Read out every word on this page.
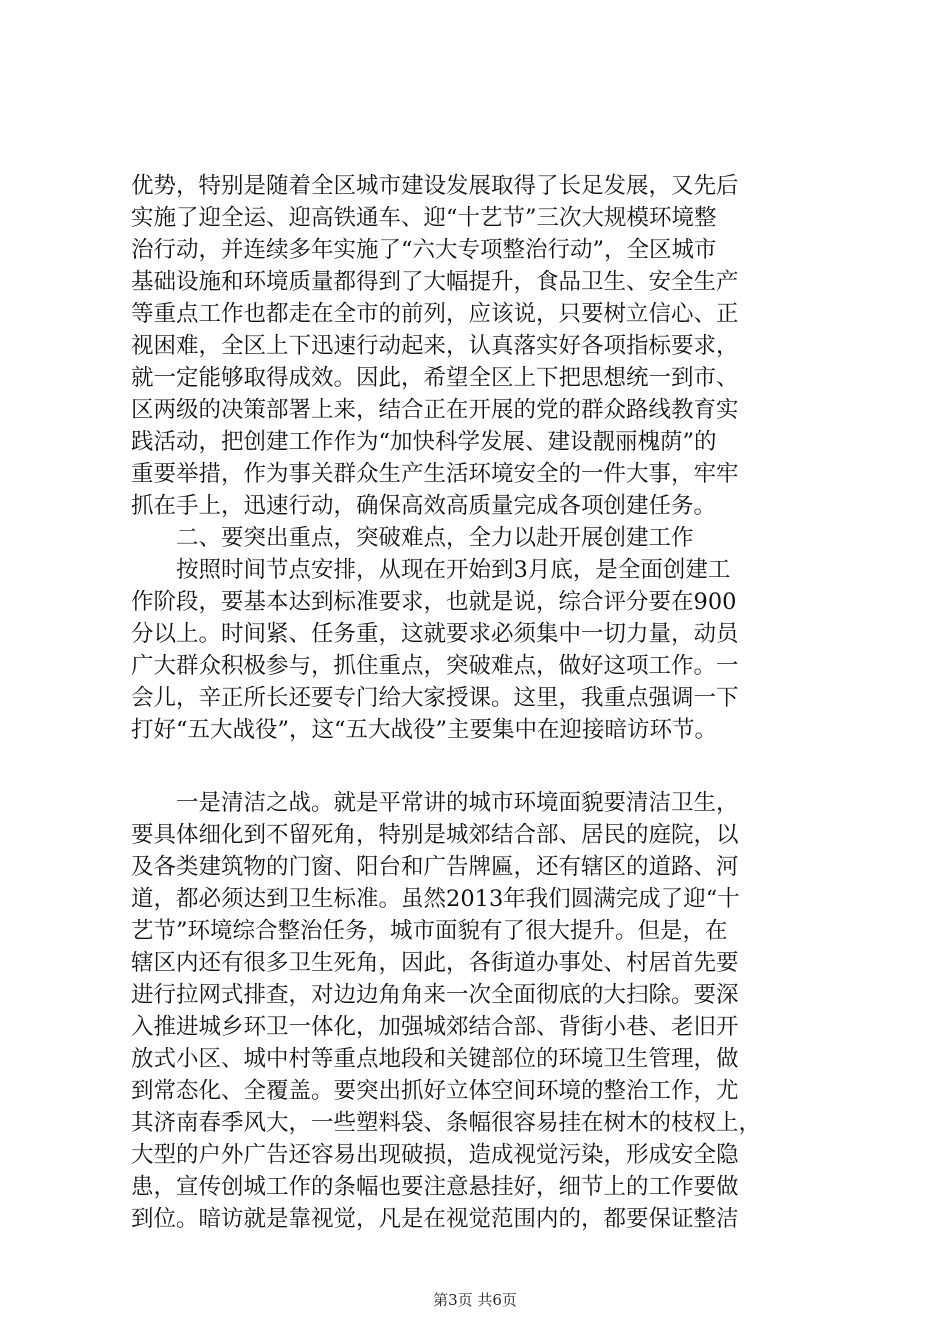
优势，特别是随着全区城市建设发展取得了长足发展，又先后
实施了迎全运、迎高铁通车、迎“十艺节”三次大规模环境整
治行动，并连续多年实施了“六大专项整治行动”，全区城市
基础设施和环境质量都得到了大幅提升，食品卫生、安全生产
等重点工作也都走在全市的前列，应该说，只要树立信心、正
视困难，全区上下迅速行动起来，认真落实好各项指标要求，
就一定能够取得成效。因此，希望全区上下把思想统一到市、
区两级的决策部署上来，结合正在开展的党的群众路线教育实
践活动，把创建工作作为“加快科学发展、建设靓丽槐荫”的
重要举措，作为事关群众生产生活环境安全的一件大事，牢牢
抓在手上，迅速行动，确保高效高质量完成各项创建任务。
二、要突出重点，突破难点，全力以赴开展创建工作
按照时间节点安排，从现在开始到3月底，是全面创建工
作阶段，要基本达到标准要求，也就是说，综合评分要在900
分以上。时间紧、任务重，这就要求必须集中一切力量，动员
广大群众积极参与，抓住重点，突破难点，做好这项工作。一
会儿，辛正所长还要专门给大家授课。这里，我重点强调一下
打好“五大战役”，这“五大战役”主要集中在迎接暗访环节。
一是清洁之战。就是平常讲的城市环境面貌要清洁卫生，
要具体细化到不留死角，特别是城郊结合部、居民的庭院，以
及各类建筑物的门窗、阳台和广告牌匾，还有辖区的道路、河
道，都必须达到卫生标准。虽然2013年我们圆满完成了迎“十
艺节”环境综合整治任务，城市面貌有了很大提升。但是，在
辖区内还有很多卫生死角，因此，各街道办事处、村居首先要
进行拉网式排查，对边边角角来一次全面彻底的大扫除。要深
入推进城乡环卫一体化，加强城郊结合部、背街小巷、老旧开
放式小区、城中村等重点地段和关键部位的环境卫生管理，做
到常态化、全覆盖。要突出抓好立体空间环境的整治工作，尤
其济南春季风大，一些塑料袋、条幅很容易挂在树木的枝杈上，
大型的户外广告还容易出现破损，造成视觉污染，形成安全隐
患，宣传创城工作的条幅也要注意悬挂好，细节上的工作要做
到位。暗访就是靠视觉，凡是在视觉范围内的，都要保证整洁
第3页 共6页
